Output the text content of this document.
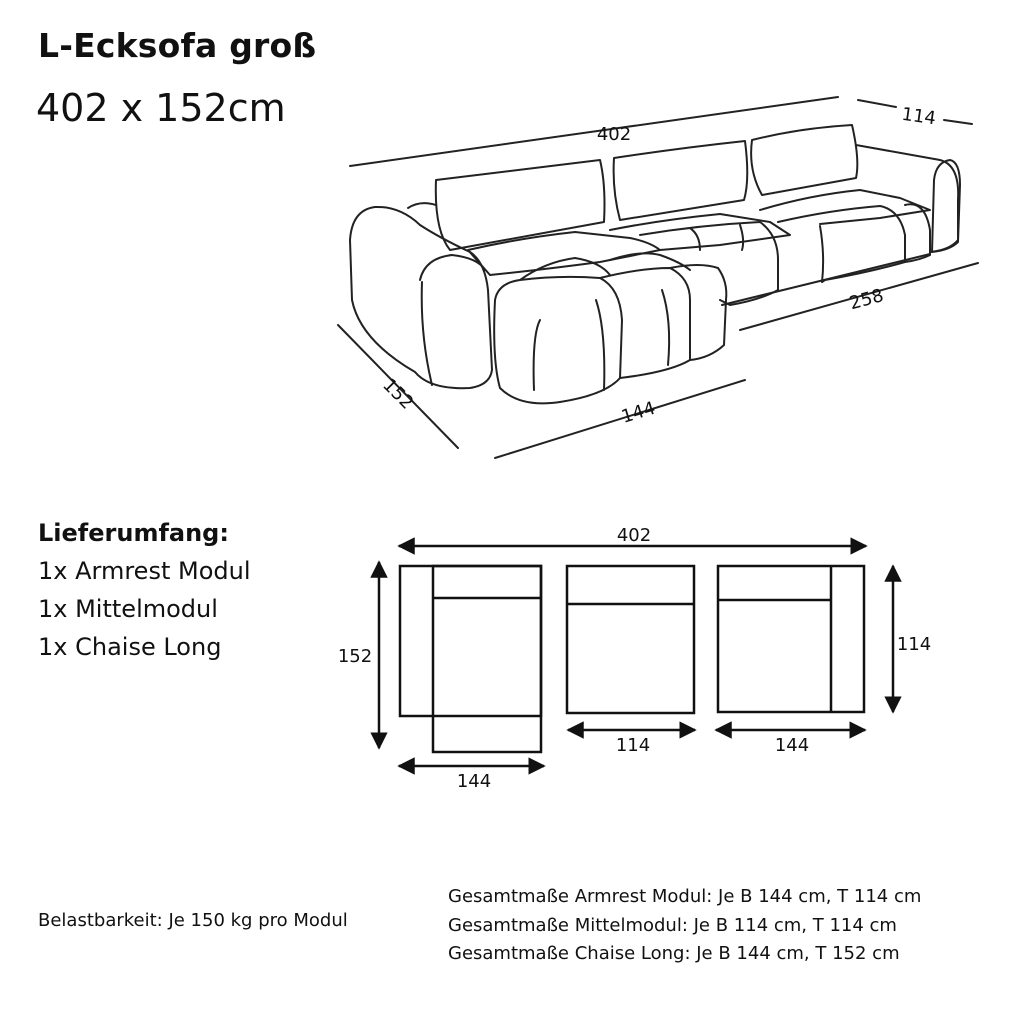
L-Ecksofa groß
402 x 152cm
402
114
258
152	144
402
152
114
144
114	144
Lieferumfang:
1x Armrest Modul
1x Mittelmodul
1x Chaise Long
Belastbarkeit: Je 150 kg pro Modul
Gesamtmaße Armrest Modul: Je B 144 cm, T 114 cm
Gesamtmaße Mittelmodul: Je B 114 cm, T 114 cm
Gesamtmaße Chaise Long: Je B 144 cm, T 152 cm
